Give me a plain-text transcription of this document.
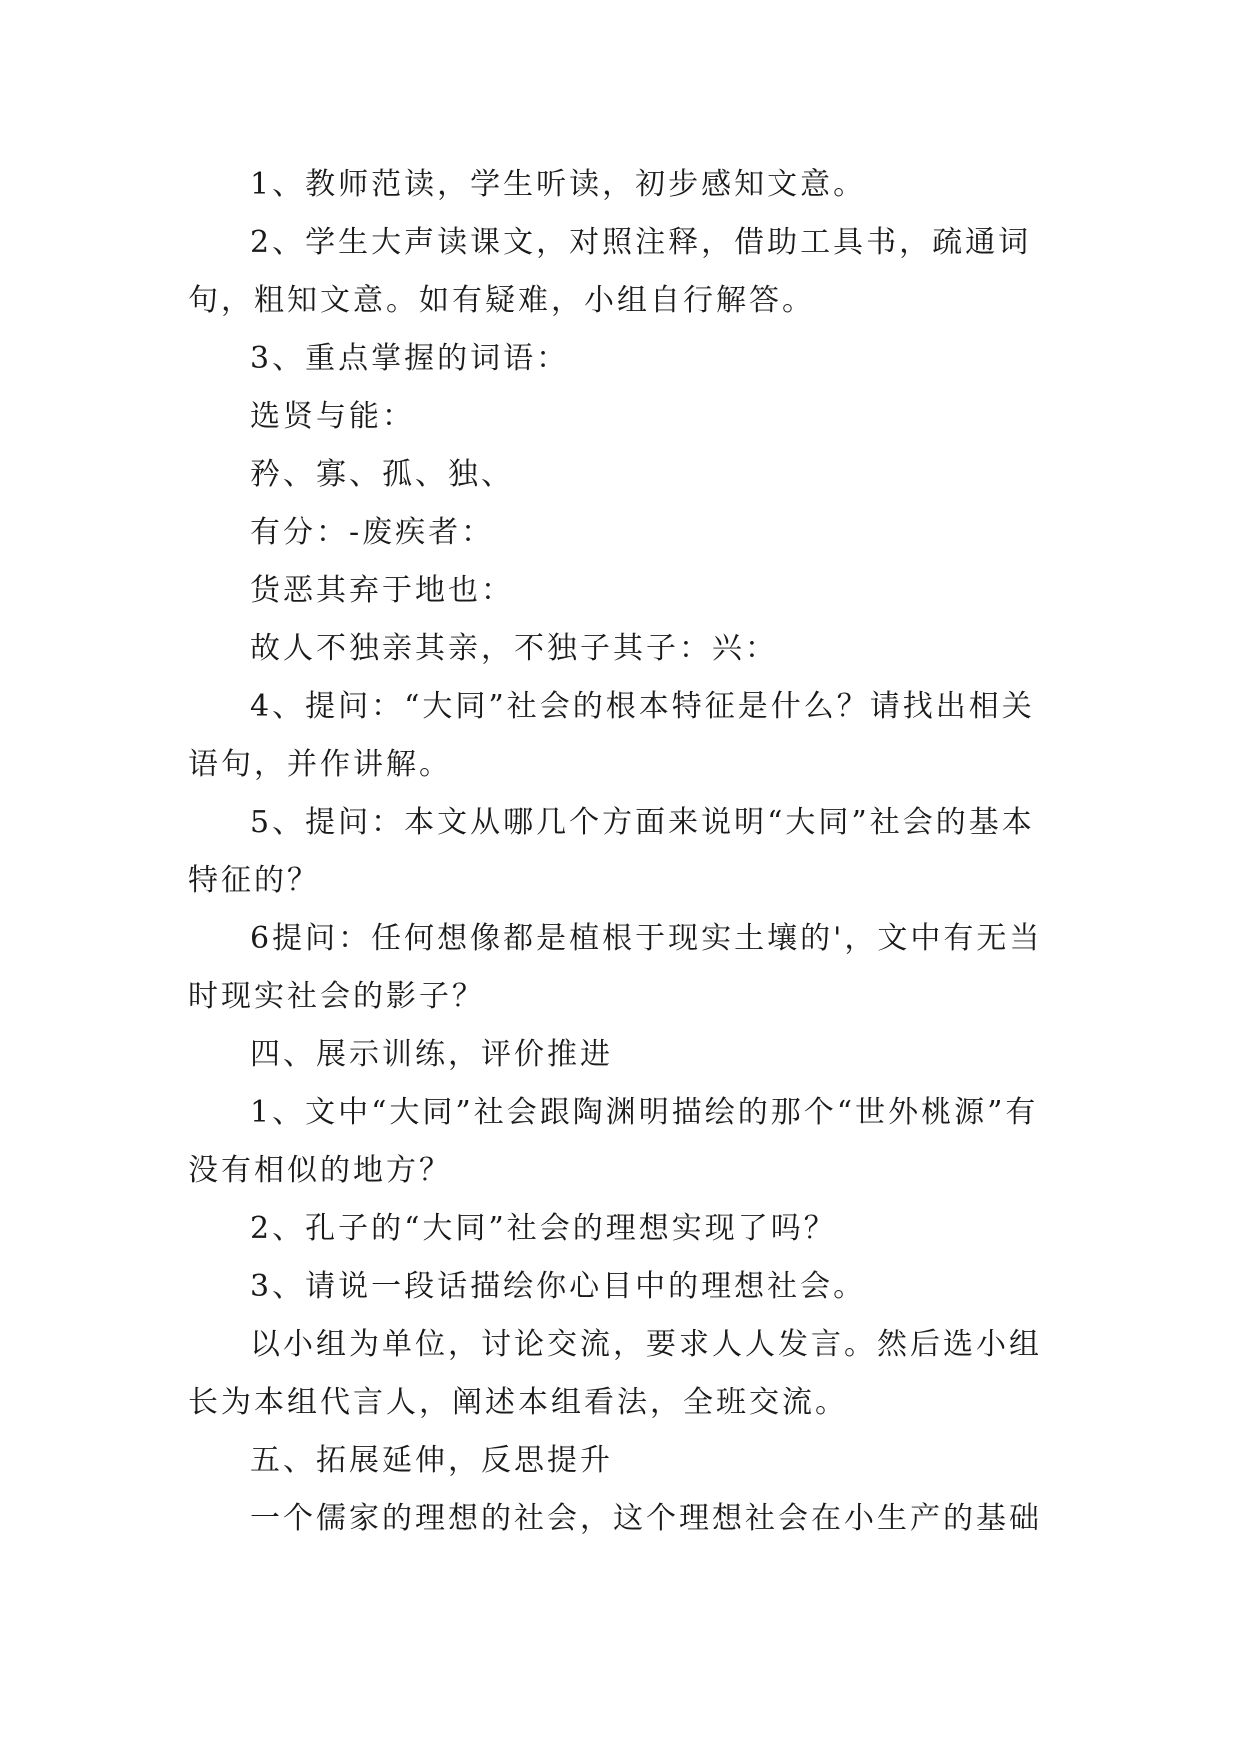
1、教师范读，学生听读，初步感知文意。

2、学生大声读课文，对照注释，借助工具书，疏通词句，粗知文意。如有疑难，小组自行解答。

3、重点掌握的词语：

选贤与能：

矜、寡、孤、独、

有分：-废疾者：

货恶其弃于地也：

故人不独亲其亲，不独子其子：兴：

4、提问：“大同”社会的根本特征是什么？请找出相关语句，并作讲解。

5、提问：本文从哪几个方面来说明“大同”社会的基本特征的？

6提问：任何想像都是植根于现实土壤的'，文中有无当时现实社会的影子？

四、展示训练，评价推进

1、文中“大同”社会跟陶渊明描绘的那个“世外桃源”有没有相似的地方？

2、孔子的“大同”社会的理想实现了吗？

3、请说一段话描绘你心目中的理想社会。

以小组为单位，讨论交流，要求人人发言。然后选小组长为本组代言人，阐述本组看法，全班交流。

五、拓展延伸，反思提升

一个儒家的理想的社会，这个理想社会在小生产的基础
